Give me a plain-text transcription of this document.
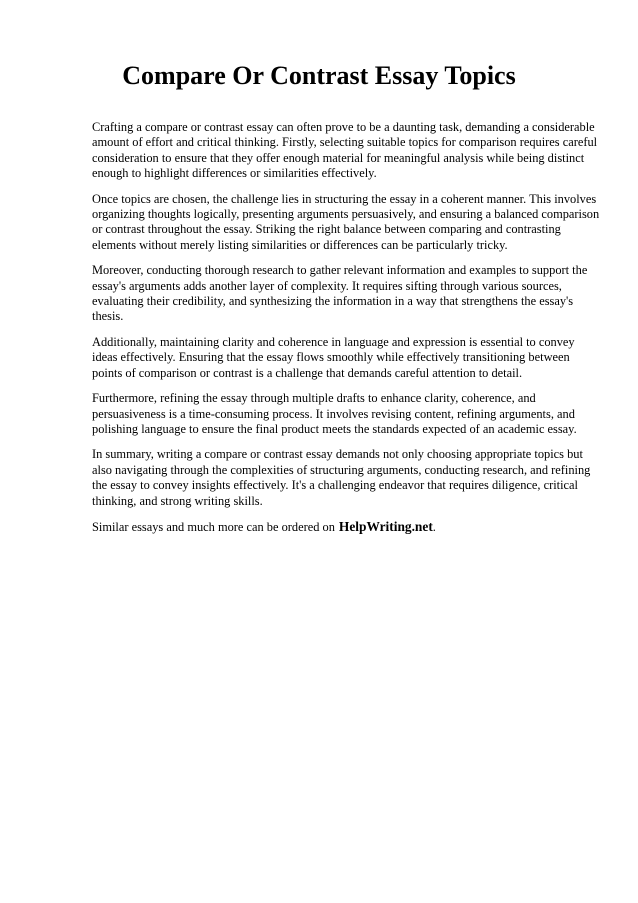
Compare Or Contrast Essay Topics

Crafting a compare or contrast essay can often prove to be a daunting task, demanding a considerable amount of effort and critical thinking. Firstly, selecting suitable topics for comparison requires careful consideration to ensure that they offer enough material for meaningful analysis while being distinct enough to highlight differences or similarities effectively.

Once topics are chosen, the challenge lies in structuring the essay in a coherent manner. This involves organizing thoughts logically, presenting arguments persuasively, and ensuring a balanced comparison or contrast throughout the essay. Striking the right balance between comparing and contrasting elements without merely listing similarities or differences can be particularly tricky.

Moreover, conducting thorough research to gather relevant information and examples to support the essay's arguments adds another layer of complexity. It requires sifting through various sources, evaluating their credibility, and synthesizing the information in a way that strengthens the essay's thesis.

Additionally, maintaining clarity and coherence in language and expression is essential to convey ideas effectively. Ensuring that the essay flows smoothly while effectively transitioning between points of comparison or contrast is a challenge that demands careful attention to detail.

Furthermore, refining the essay through multiple drafts to enhance clarity, coherence, and persuasiveness is a time-consuming process. It involves revising content, refining arguments, and polishing language to ensure the final product meets the standards expected of an academic essay.

In summary, writing a compare or contrast essay demands not only choosing appropriate topics but also navigating through the complexities of structuring arguments, conducting research, and refining the essay to convey insights effectively. It's a challenging endeavor that requires diligence, critical thinking, and strong writing skills.

Similar essays and much more can be ordered on HelpWriting.net.
